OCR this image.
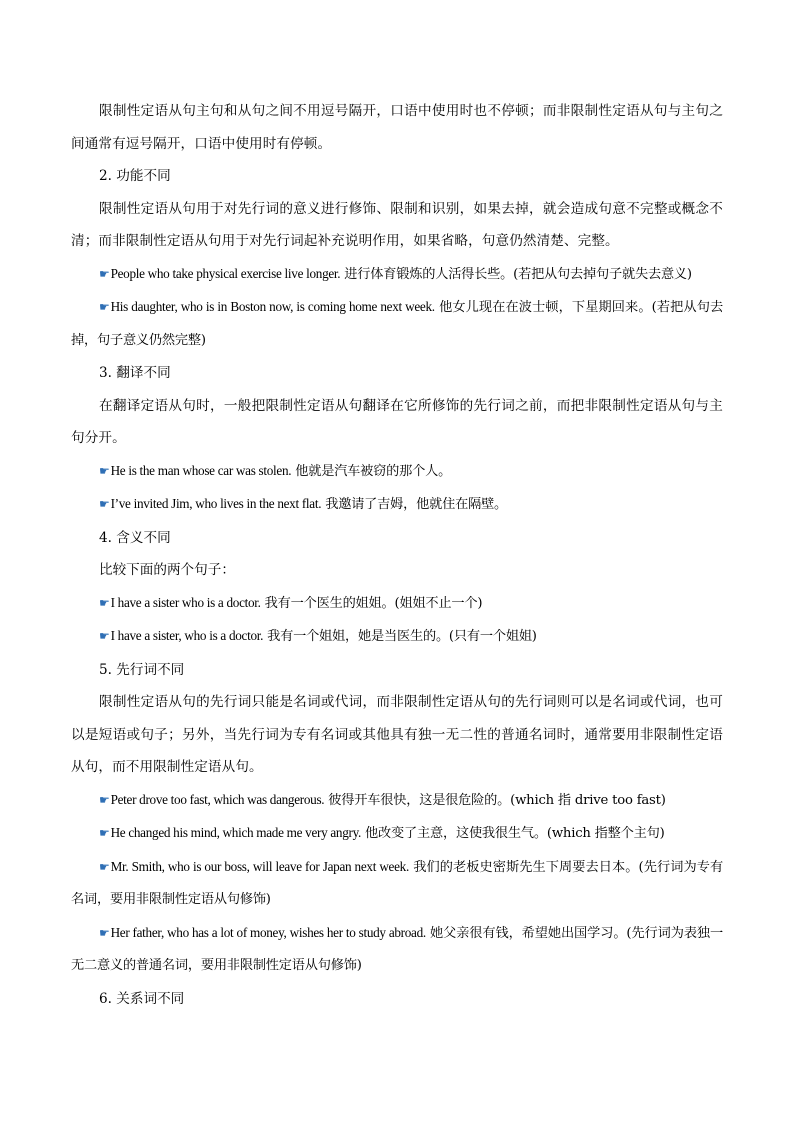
限制性定语从句主句和从句之间不用逗号隔开，口语中使用时也不停顿；而非限制性定语从句与主句之间通常有逗号隔开，口语中使用时有停顿。

2. 功能不同

限制性定语从句用于对先行词的意义进行修饰、限制和识别，如果去掉，就会造成句意不完整或概念不清；而非限制性定语从句用于对先行词起补充说明作用，如果省略，句意仍然清楚、完整。

☛People who take physical exercise live longer. 进行体育锻炼的人活得长些。(若把从句去掉句子就失去意义)

☛His daughter, who is in Boston now, is coming home next week. 他女儿现在在波士顿，下星期回来。(若把从句去掉，句子意义仍然完整)

3. 翻译不同

在翻译定语从句时，一般把限制性定语从句翻译在它所修饰的先行词之前，而把非限制性定语从句与主句分开。

☛He is the man whose car was stolen. 他就是汽车被窃的那个人。

☛I’ve invited Jim, who lives in the next flat. 我邀请了吉姆，他就住在隔壁。

4. 含义不同

比较下面的两个句子：

☛I have a sister who is a doctor. 我有一个医生的姐姐。(姐姐不止一个)

☛I have a sister, who is a doctor. 我有一个姐姐，她是当医生的。(只有一个姐姐)

5. 先行词不同

限制性定语从句的先行词只能是名词或代词，而非限制性定语从句的先行词则可以是名词或代词，也可以是短语或句子；另外，当先行词为专有名词或其他具有独一无二性的普通名词时，通常要用非限制性定语从句，而不用限制性定语从句。

☛Peter drove too fast, which was dangerous. 彼得开车很快，这是很危险的。(which 指 drive too fast)

☛He changed his mind, which made me very angry. 他改变了主意，这使我很生气。(which 指整个主句)

☛Mr. Smith, who is our boss, will leave for Japan next week. 我们的老板史密斯先生下周要去日本。(先行词为专有名词，要用非限制性定语从句修饰)

☛Her father, who has a lot of money, wishes her to study abroad. 她父亲很有钱，希望她出国学习。(先行词为表独一无二意义的普通名词，要用非限制性定语从句修饰)

6. 关系词不同
